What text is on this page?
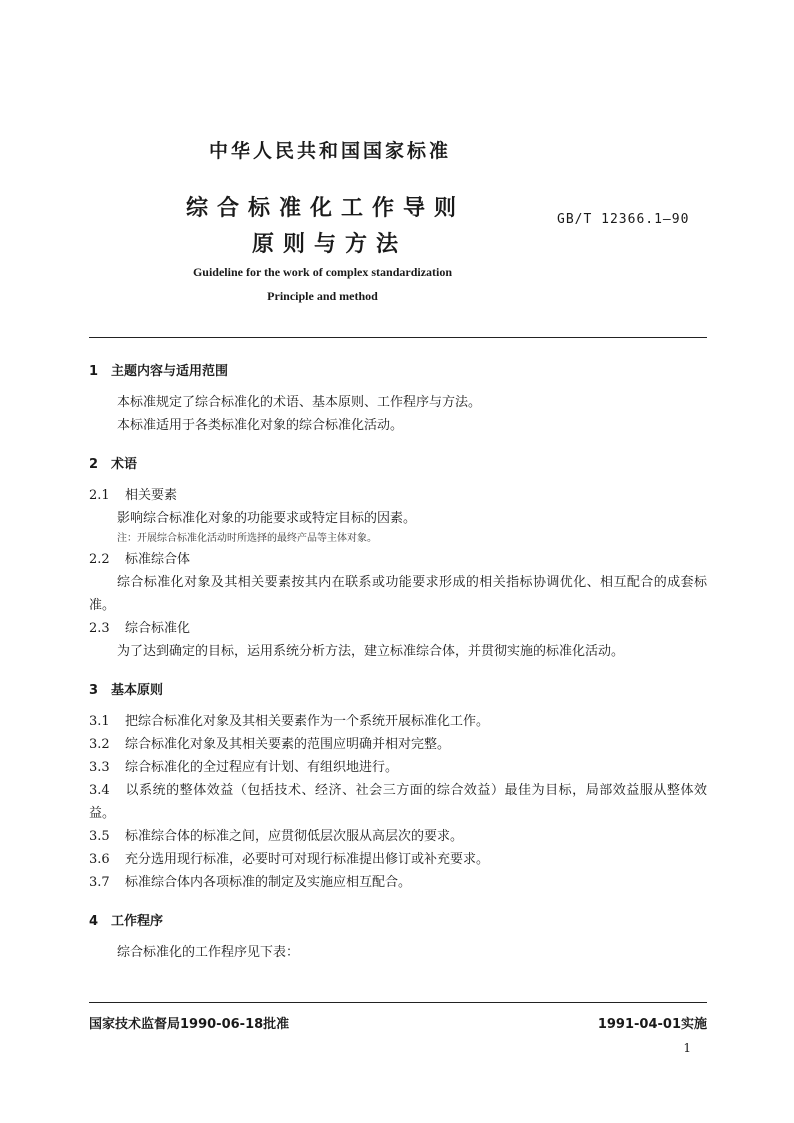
中华人民共和国国家标准
综合标准化工作导则
原则与方法
GB/T 12366.1—90
Guideline for the work of complex standardization
Principle and method
1 主题内容与适用范围
本标准规定了综合标准化的术语、基本原则、工作程序与方法。
本标准适用于各类标准化对象的综合标准化活动。
2 术语
2.1 相关要素
影响综合标准化对象的功能要求或特定目标的因素。
注：开展综合标准化活动时所选择的最终产品等主体对象。
2.2 标准综合体
综合标准化对象及其相关要素按其内在联系或功能要求形成的相关指标协调优化、相互配合的成套标准。
2.3 综合标准化
为了达到确定的目标，运用系统分析方法，建立标准综合体，并贯彻实施的标准化活动。
3 基本原则
3.1 把综合标准化对象及其相关要素作为一个系统开展标准化工作。
3.2 综合标准化对象及其相关要素的范围应明确并相对完整。
3.3 综合标准化的全过程应有计划、有组织地进行。
3.4 以系统的整体效益（包括技术、经济、社会三方面的综合效益）最佳为目标，局部效益服从整体效益。
3.5 标准综合体的标准之间，应贯彻低层次服从高层次的要求。
3.6 充分选用现行标准，必要时可对现行标准提出修订或补充要求。
3.7 标准综合体内各项标准的制定及实施应相互配合。
4 工作程序
综合标准化的工作程序见下表：
国家技术监督局1990-06-18批准	1991-04-01实施
1
